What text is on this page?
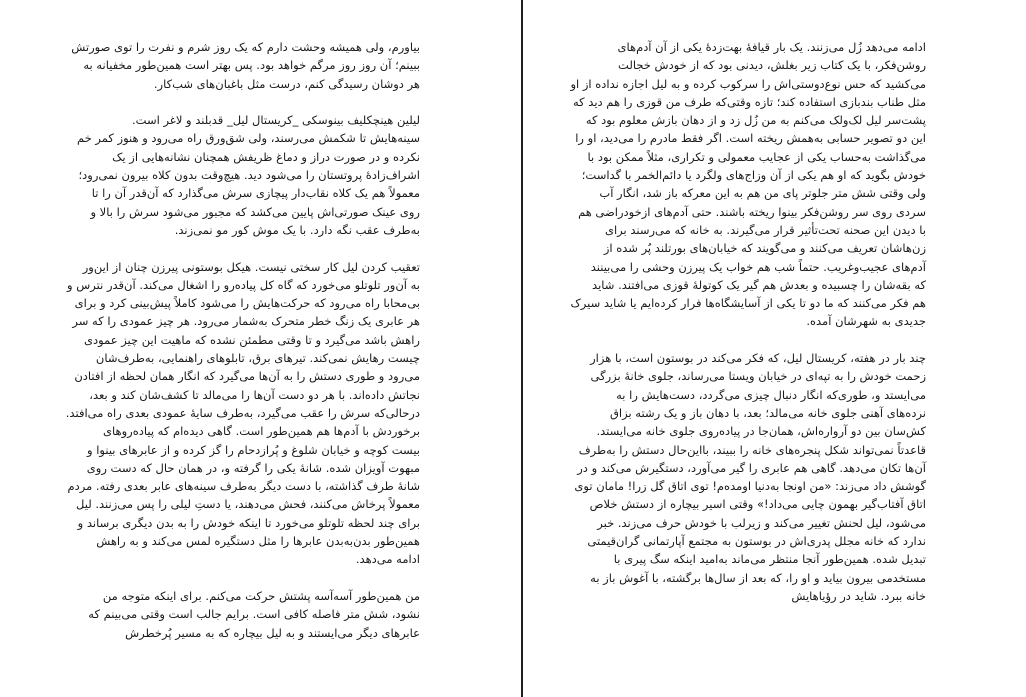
بیاورم، ولی همیشه وحشت دارم که یک روز شرم و نفرت را توی صورتش
ببینم؛ آن روز روز مرگم خواهد بود. پس بهتر است همین‌طور مخفیانه به
هر دوشان رسیدگی کنم، درست مثل باغبان‌های شب‌کار.

لیلین هینچکلیف بینوسکی _کریستال لیل_ قدبلند و لاغر است.
سینه‌هایش تا شکمش می‌رسند، ولی شق‌ورق راه می‌رود و هنوز کمر خم
نکرده و در صورت دراز و دماغ ظریفش همچنان نشانه‌هایی از یک
اشراف‌زادهٔ پروتستان را می‌شود دید. هیچ‌وقت بدون کلاه بیرون نمی‌رود؛
معمولاً هم یک کلاه نقاب‌دار پیچازی سرش می‌گذارد که آن‌قدر آن را تا
روی عینک صورتی‌اش پایین می‌کشد که مجبور می‌شود سرش را بالا و
به‌طرف عقب نگه دارد. با یک موش کور مو نمی‌زند.

تعقیب کردن لیل کار سختی نیست. هیکل بوستونی پیرزن چنان از این‌ور
به آن‌ور تلوتلو می‌خورد که گاه کل پیاده‌رو را اشغال می‌کند. آن‌قدر نترس و
بی‌محابا راه می‌رود که حرکت‌هایش را می‌شود کاملاً پیش‌بینی کرد و برای
هر عابری یک زنگ خطر متحرک به‌شمار می‌رود. هر چیز عمودی را که سر
راهش باشد می‌گیرد و تا وقتی مطمئن نشده که ماهیت این چیز عمودی
چیست رهایش نمی‌کند. تیرهای برق، تابلوهای راهنمایی، به‌طرف‌شان
می‌رود و طوری دستش را به آن‌ها می‌گیرد که انگار همان لحظه از افتادن
نجاتش داده‌اند. با هر دو دست آن‌ها را می‌مالد تا کشف‌شان کند و بعد،
درحالی‌که سرش را عقب می‌گیرد، به‌طرف سایهٔ عمودی بعدی راه می‌افتد.
برخوردش با آدم‌ها هم همین‌طور است. گاهی دیده‌ام که پیاده‌روهای
بیست کوچه و خیابان شلوغ و پُرازدحام را گز کرده و از عابرهای بینوا و
مبهوت آویزان شده. شانهٔ یکی را گرفته و، در همان حال که دست روی
شانهٔ طرف گذاشته، با دست دیگر به‌طرف سینه‌های عابر بعدی رفته. مردم
معمولاً پرخاش می‌کنند، فحش می‌دهند، یا دستِ لیلی را پس می‌زنند. لیل
برای چند لحظه تلوتلو می‌خورد تا اینکه خودش را به بدن دیگری برساند و
همین‌طور بدن‌به‌بدن عابرها را مثل دستگیره لمس می‌کند و به راهش
ادامه می‌دهد.

من همین‌طور آسه‌آسه پشتش حرکت می‌کنم. برای اینکه متوجه من
نشود، شش متر فاصله کافی است. برایم جالب است وقتی می‌بینم که
عابرهای دیگر می‌ایستند و به لیل بیچاره که به مسیر پُرخطرش

ادامه می‌دهد زُل می‌زنند. یک بار قیافهٔ بهت‌زدهٔ یکی از آن آدم‌های
روشن‌فکر، با یک کتاب زیر بغلش، دیدنی بود که از خودش خجالت
می‌کشید که حس نوع‌دوستی‌اش را سرکوب کرده و به لیل اجازه نداده از او
مثل طناب بندبازی استفاده کند؛ تازه وقتی‌که طرف من قوزی را هم دید که
پشت‌سر لیل لک‌ولک می‌کنم به من زُل زد و از دهان بازش معلوم بود که
این دو تصویر حسابی به‌همش ریخته است. اگر فقط مادرم را می‌دید، او را
می‌گذاشت به‌حساب یکی از عجایب معمولی و تکراری، مثلاً ممکن بود با
خودش بگوید که او هم یکی از آن وزاج‌های ولگرد یا دائم‌الخمر با گداست؛
ولی وقتی شش متر جلوتر پای من هم به این معرکه باز شد، انگار آب
سردی روی سر روشن‌فکر بینوا ریخته باشند. حتی آدم‌های ازخودراضی هم
با دیدن این صحنه تحت‌تأثیر قرار می‌گیرند. به خانه که می‌رسند برای
زن‌هاشان تعریف می‌کنند و می‌گویند که خیابان‌های بورتلند پُر شده از
آدم‌های عجیب‌وغریب. حتماً شب هم خواب یک پیرزن وحشی را می‌بینند
که بقه‌شان را چسبیده و بعدش هم گیر یک کوتولهٔ قوزی می‌افتند. شاید
هم فکر می‌کنند که ما دو تا یکی از آسایشگاه‌ها فرار کرده‌ایم یا شاید سیرک
جدیدی به شهرشان آمده.

چند بار در هفته، کریستال لیل، که فکر می‌کند در بوستون است، با هزار
زحمت خودش را به تپه‌ای در خیابان ویستا می‌رساند، جلوی خانهٔ بزرگی
می‌ایستد و، طوری‌که انگار دنبال چیزی می‌گردد، دست‌هایش را به
نرده‌های آهنی جلوی خانه می‌مالد؛ بعد، با دهان باز و یک رشته بزاق
کش‌سان بین دو آرواره‌اش، همان‌جا در پیاده‌روی جلوی خانه می‌ایستد.
قاعدتاً نمی‌تواند شکل پنجره‌های خانه را ببیند، بااین‌حال دستش را به‌طرف
آن‌ها تکان می‌دهد. گاهی هم عابری را گیر می‌آورد، دستگیرش می‌کند و در
گوشش داد می‌زند: «من اونجا به‌دنیا اومده‌م! توی اتاق گل زرا! مامان توی
اتاق آفتاب‌گیر بهمون چایی می‌داد!» وقتی اسیر بیچاره از دستش خلاص
می‌شود، لیل لحنش تغییر می‌کند و زیرلب با خودش حرف می‌زند. خبر
ندارد که خانه مجلل پدری‌اش در بوستون به مجتمع آپارتمانی گران‌قیمتی
تبدیل شده. همین‌طور آنجا منتظر می‌ماند به‌امید اینکه سگ پیری با
مستخدمی بیرون بیاید و او را، که بعد از سال‌ها برگشته، با آغوش باز به
خانه ببرد. شاید در رؤیاهایش
